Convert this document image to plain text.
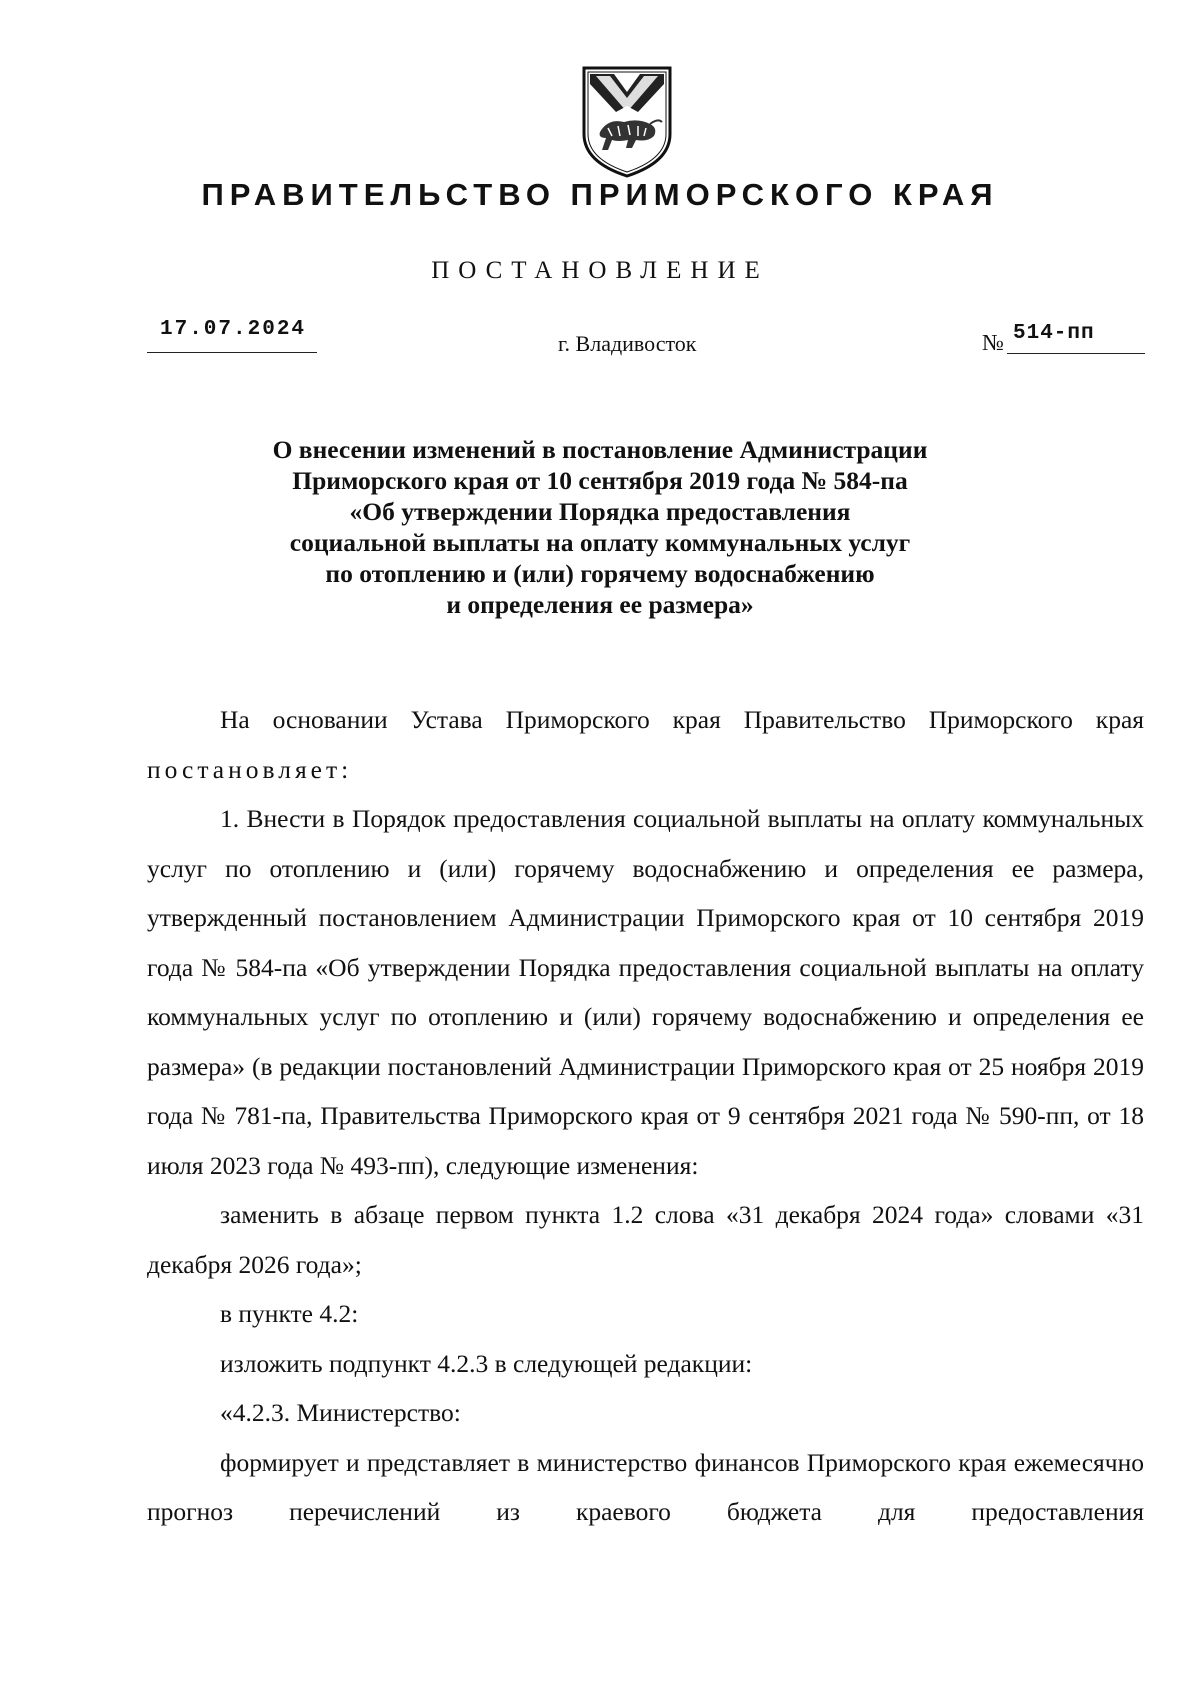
ПРАВИТЕЛЬСТВО ПРИМОРСКОГО КРАЯ
ПОСТАНОВЛЕНИЕ
17.07.2024
г. Владивосток	№ 514-пп
О внесении изменений в постановление Администрации
Приморского края от 10 сентября 2019 года № 584-па
«Об утверждении Порядка предоставления
социальной выплаты на оплату коммунальных услуг
по отоплению и (или) горячему водоснабжению
и определения ее размера»

На основании Устава Приморского края Правительство Приморского края постановляет:

1. Внести в Порядок предоставления социальной выплаты на оплату коммунальных услуг по отоплению и (или) горячему водоснабжению и определения ее размера, утвержденный постановлением Администрации Приморского края от 10 сентября 2019 года № 584-па «Об утверждении Порядка предоставления социальной выплаты на оплату коммунальных услуг по отоплению и (или) горячему водоснабжению и определения ее размера» (в редакции постановлений Администрации Приморского края от 25 ноября 2019 года № 781-па, Правительства Приморского края от 9 сентября 2021 года № 590-пп, от 18 июля 2023 года № 493-пп), следующие изменения:

заменить в абзаце первом пункта 1.2 слова «31 декабря 2024 года» словами «31 декабря 2026 года»;

в пункте 4.2:

изложить подпункт 4.2.3 в следующей редакции:

«4.2.3. Министерство:

формирует и представляет в министерство финансов Приморского края ежемесячно прогноз перечислений из краевого бюджета для предоставления
